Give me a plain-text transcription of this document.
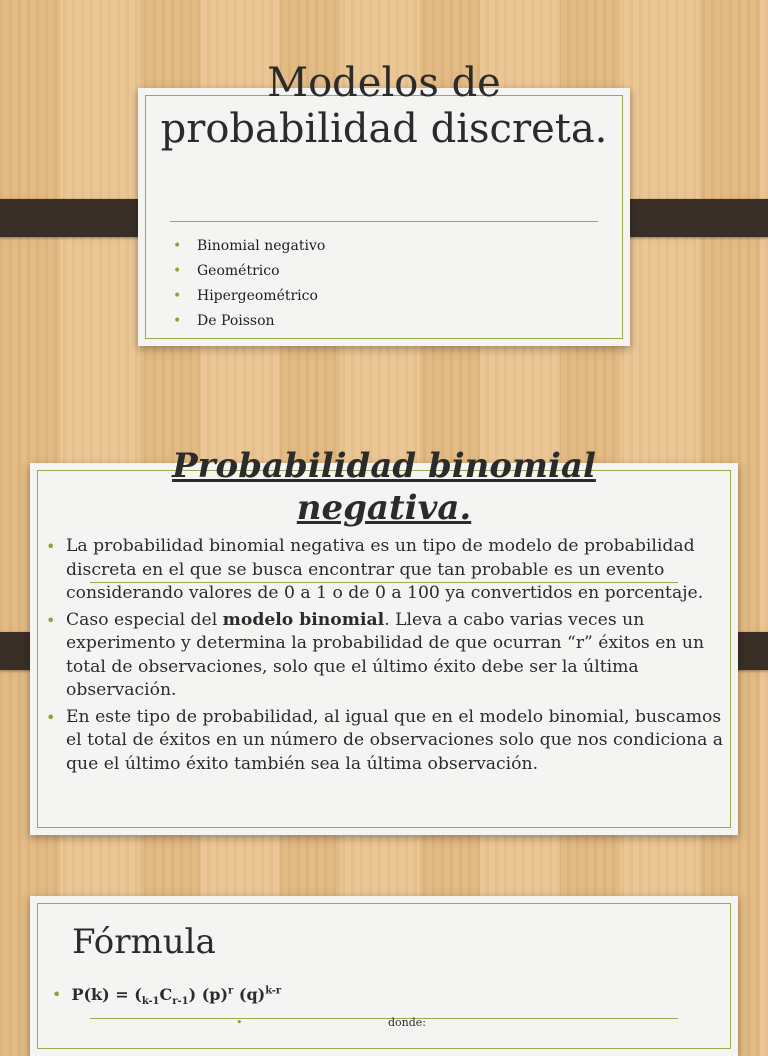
Modelos de probabilidad discreta.
• Binomial negativo
• Geométrico
• Hipergeométrico
• De Poisson
Probabilidad binomial
negativa.
• La probabilidad binomial negativa es un tipo de modelo de probabilidad discreta en el que se busca encontrar que tan probable es un evento considerando valores de 0 a 1 o de 0 a 100 ya convertidos en porcentaje.
• Caso especial del modelo binomial. Lleva a cabo varias veces un experimento y determina la probabilidad de que ocurran “r” éxitos en un total de observaciones, solo que el último éxito debe ser la última observación.
• En este tipo de probabilidad, al igual que en el modelo binomial, buscamos el total de éxitos en un número de observaciones solo que nos condiciona a que el último éxito también sea la última observación.
Fórmula
• $P(k) = (_{k-1}C_{r-1})$ $(p)^r$ $(q)^{k-r}$
•	donde:
